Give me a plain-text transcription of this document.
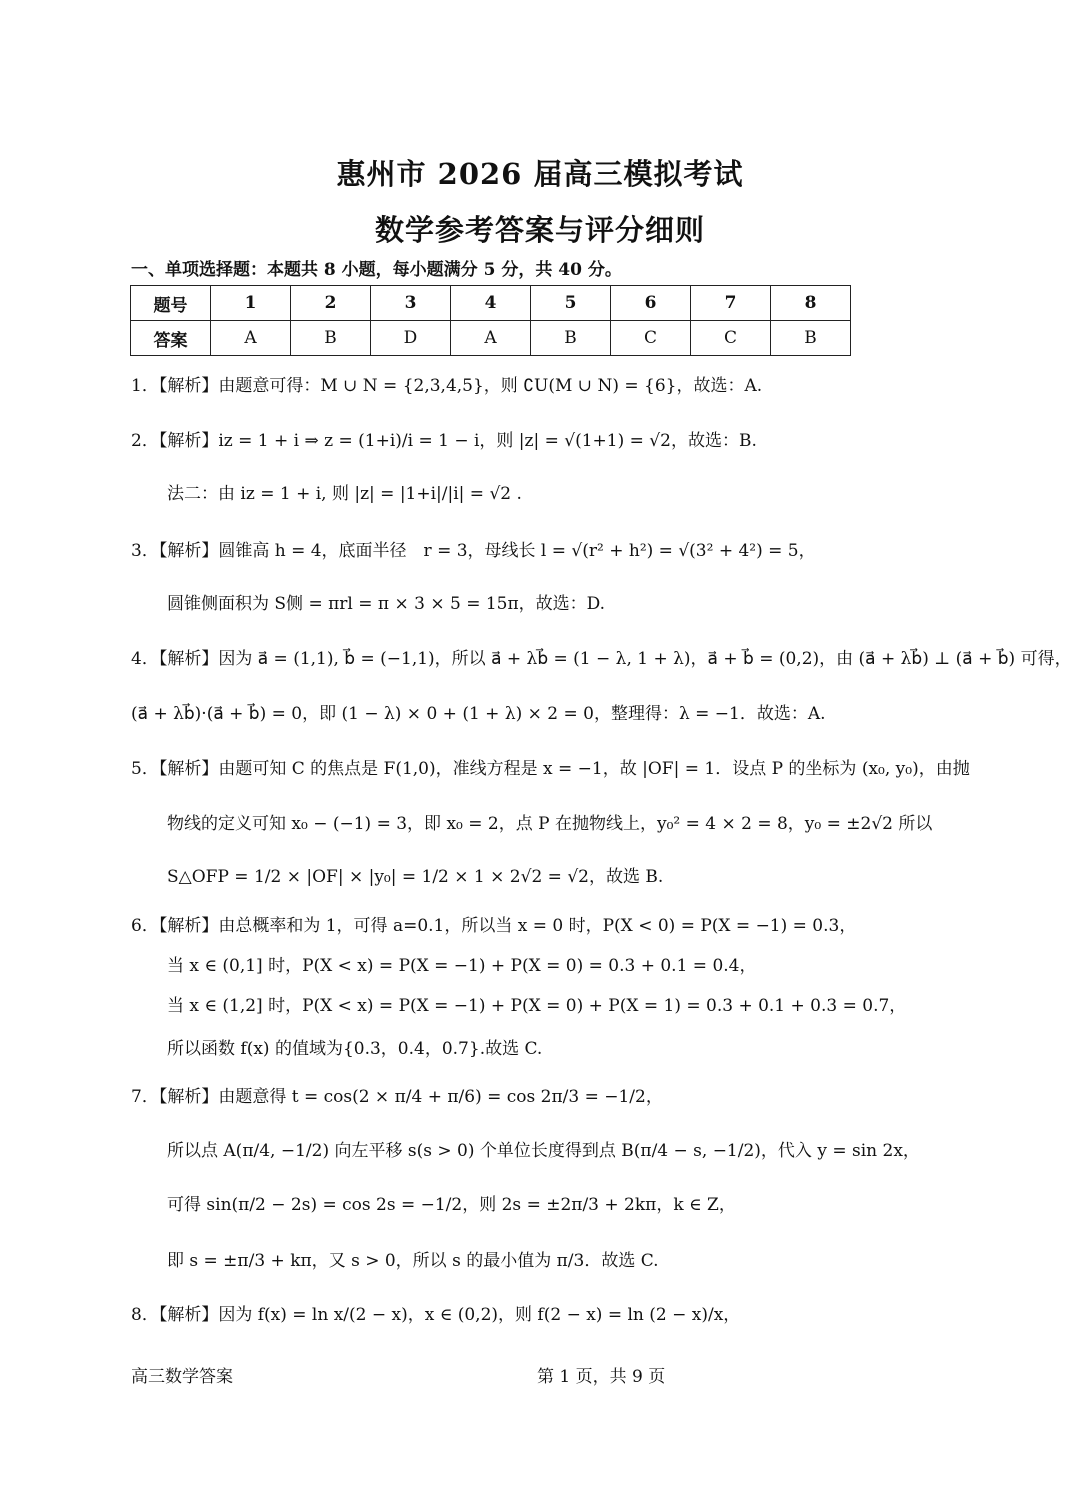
惠州市 2026 届高三模拟考试
数学参考答案与评分细则
一、单项选择题：本题共 8 小题，每小题满分 5 分，共 40 分。
题号	1	2	3	4	5	6	7	8
答案	A	B	D	A	B	C	C	B
1．【解析】由题意可得：M ∪ N = {2,3,4,5}，则 ∁U(M ∪ N) = {6}，故选：A.
2．【解析】iz = 1 + i ⇒ z = (1+i)/i = 1 − i，则 |z| = √(1+1) = √2，故选：B.
法二：由 iz = 1 + i, 则 |z| = |1+i|/|i| = √2 .
3．【解析】圆锥高 h = 4，底面半径　r = 3，母线长 l = √(r² + h²) = √(3² + 4²) = 5，
圆锥侧面积为 S侧 = πrl = π × 3 × 5 = 15π，故选：D.
4．【解析】因为 a⃗ = (1,1), b⃗ = (−1,1)，所以 a⃗ + λb⃗ = (1 − λ, 1 + λ)，a⃗ + b⃗ = (0,2)，由 (a⃗ + λb⃗) ⊥ (a⃗ + b⃗) 可得，
(a⃗ + λb⃗)·(a⃗ + b⃗) = 0，即 (1 − λ) × 0 + (1 + λ) × 2 = 0，整理得：λ = −1．故选：A.
5．【解析】由题可知 C 的焦点是 F(1,0)，准线方程是 x = −1，故 |OF| = 1．设点 P 的坐标为 (x₀, y₀)，由抛
物线的定义可知 x₀ − (−1) = 3，即 x₀ = 2，点 P 在抛物线上，y₀² = 4 × 2 = 8，y₀ = ±2√2 所以
S△OFP = 1/2 × |OF| × |y₀| = 1/2 × 1 × 2√2 = √2，故选 B.
6．【解析】由总概率和为 1，可得 a=0.1，所以当 x = 0 时，P(X < 0) = P(X = −1) = 0.3，
当 x ∈ (0,1] 时，P(X < x) = P(X = −1) + P(X = 0) = 0.3 + 0.1 = 0.4，
当 x ∈ (1,2] 时，P(X < x) = P(X = −1) + P(X = 0) + P(X = 1) = 0.3 + 0.1 + 0.3 = 0.7，
所以函数 f(x) 的值域为{0.3，0.4，0.7}.故选 C.
7．【解析】由题意得 t = cos(2 × π/4 + π/6) = cos 2π/3 = −1/2，
所以点 A(π/4, −1/2) 向左平移 s(s > 0) 个单位长度得到点 B(π/4 − s, −1/2)，代入 y = sin 2x，
可得 sin(π/2 − 2s) = cos 2s = −1/2，则 2s = ±2π/3 + 2kπ，k ∈ Z，
即 s = ±π/3 + kπ，又 s > 0，所以 s 的最小值为 π/3．故选 C.
8．【解析】因为 f(x) = ln x/(2 − x)，x ∈ (0,2)，则 f(2 − x) = ln (2 − x)/x，
高三数学答案	第 1 页，共 9 页
